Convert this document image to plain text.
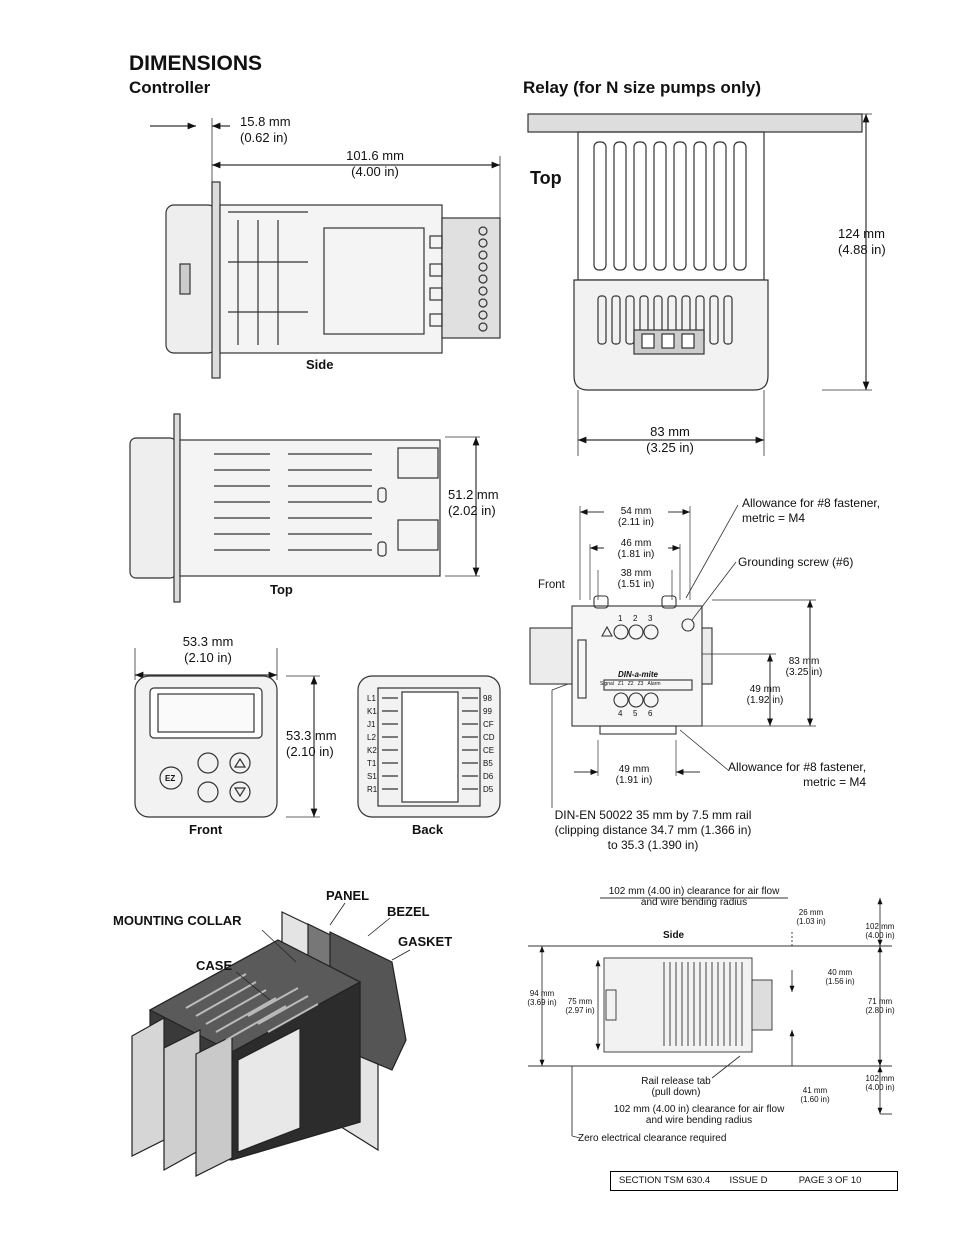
DIMENSIONS
Controller	Relay (for N size pumps only)
15.8 mm
(0.62 in)
101.6 mm
(4.00 in)
Side
51.2 mm
(2.02 in)
Top
53.3 mm
(2.10 in)
53.3 mm
(2.10 in)
EZ
Front	Back
L1
K1
J1
L2
K2
T1
S1
R1
98
99
CF
CD
CE
B5
D6
D5
Top
124 mm
(4.88 in)
83 mm
(3.25 in)
54 mm
(2.11 in)
46 mm
(1.81 in)
38 mm
(1.51 in)
Front
Allowance for #8 fastener,
metric = M4
Grounding screw (#6)
83 mm
(3.25 in)
49 mm
(1.92 in)
49 mm
(1.91 in)
Allowance for #8 fastener,
metric = M4
DIN-EN 50022 35 mm by 7.5 mm rail
(clipping distance 34.7 mm (1.366 in)
to 35.3 (1.390 in)
1 2 3
4 5 6
DIN-a-mite
Signal Z1 Z2 Z3 Alarm
PANEL
BEZEL
MOUNTING COLLAR
GASKET
CASE
102 mm (4.00 in) clearance for air flow
and wire bending radius
Side
26 mm
(1.03 in)
102 mm
(4.00 in)
40 mm
(1.56 in)
94 mm
(3.69 in)	75 mm
(2.97 in)
71 mm
(2.80 in)
Rail release tab
(pull down)	41 mm
(1.60 in)
102 mm
(4.00 in)
102 mm (4.00 in) clearance for air flow
and wire bending radius
Zero electrical clearance required
SECTION TSM 630.4 ISSUE D	PAGE 3 OF 10
